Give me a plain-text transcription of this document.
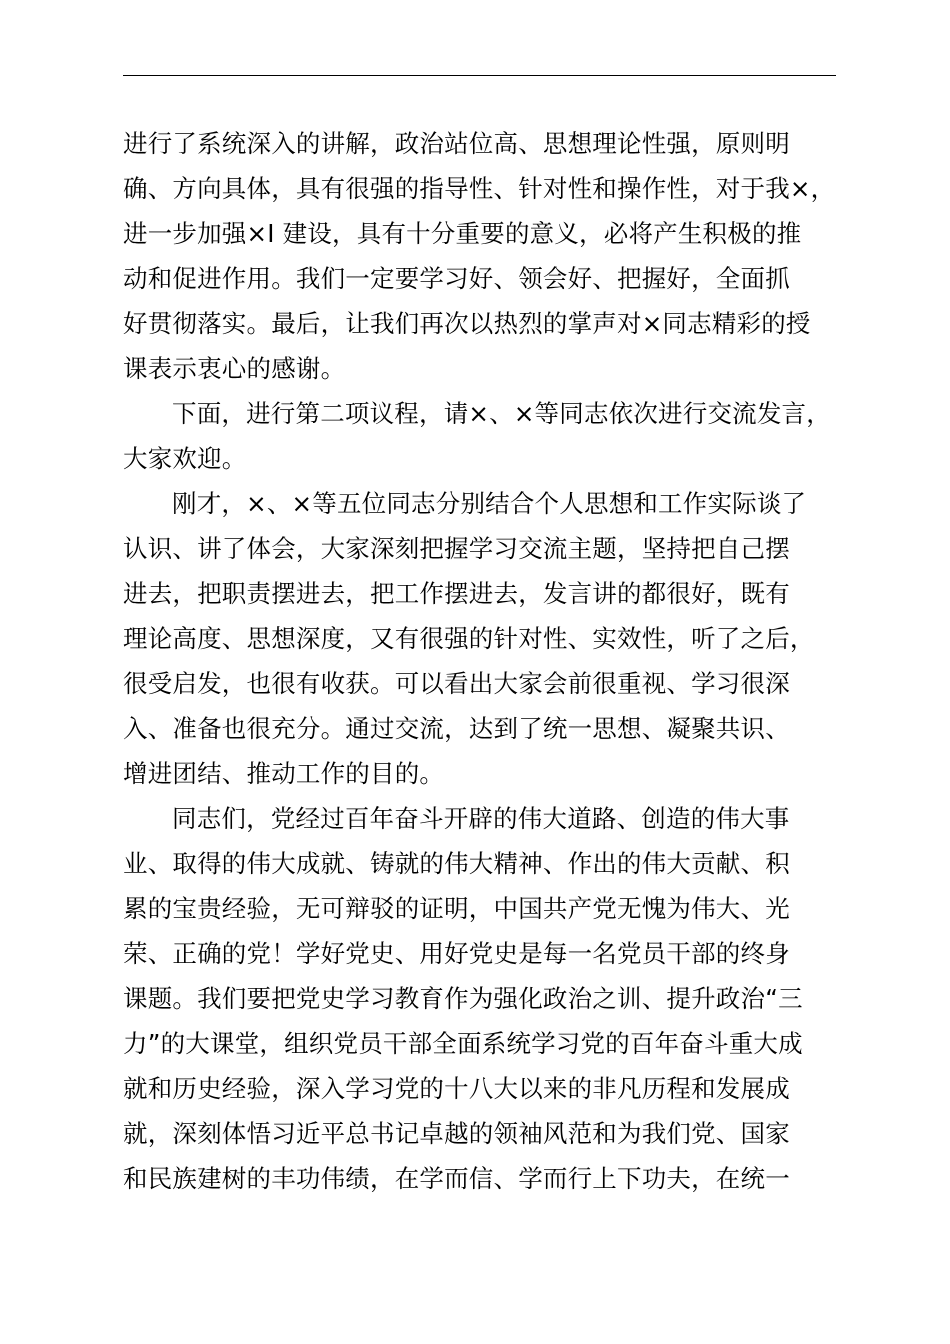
进行了系统深入的讲解，政治站位高、思想理论性强，原则明
确、方向具体，具有很强的指导性、针对性和操作性，对于我×，
进一步加强×I 建设，具有十分重要的意义，必将产生积极的推
动和促进作用。我们一定要学习好、领会好、把握好，全面抓
好贯彻落实。最后，让我们再次以热烈的掌声对×同志精彩的授
课表示衷心的感谢。
下面，进行第二项议程，请×、×等同志依次进行交流发言，
大家欢迎。
刚才，×、×等五位同志分别结合个人思想和工作实际谈了
认识、讲了体会，大家深刻把握学习交流主题，坚持把自己摆
进去，把职责摆进去，把工作摆进去，发言讲的都很好，既有
理论高度、思想深度，又有很强的针对性、实效性，听了之后，
很受启发，也很有收获。可以看出大家会前很重视、学习很深
入、准备也很充分。通过交流，达到了统一思想、凝聚共识、
增进团结、推动工作的目的。
同志们，党经过百年奋斗开辟的伟大道路、创造的伟大事
业、取得的伟大成就、铸就的伟大精神、作出的伟大贡献、积
累的宝贵经验，无可辩驳的证明，中国共产党无愧为伟大、光
荣、正确的党！学好党史、用好党史是每一名党员干部的终身
课题。我们要把党史学习教育作为强化政治之训、提升政治“三
力”的大课堂，组织党员干部全面系统学习党的百年奋斗重大成
就和历史经验，深入学习党的十八大以来的非凡历程和发展成
就，深刻体悟习近平总书记卓越的领袖风范和为我们党、国家
和民族建树的丰功伟绩，在学而信、学而行上下功夫，在统一
